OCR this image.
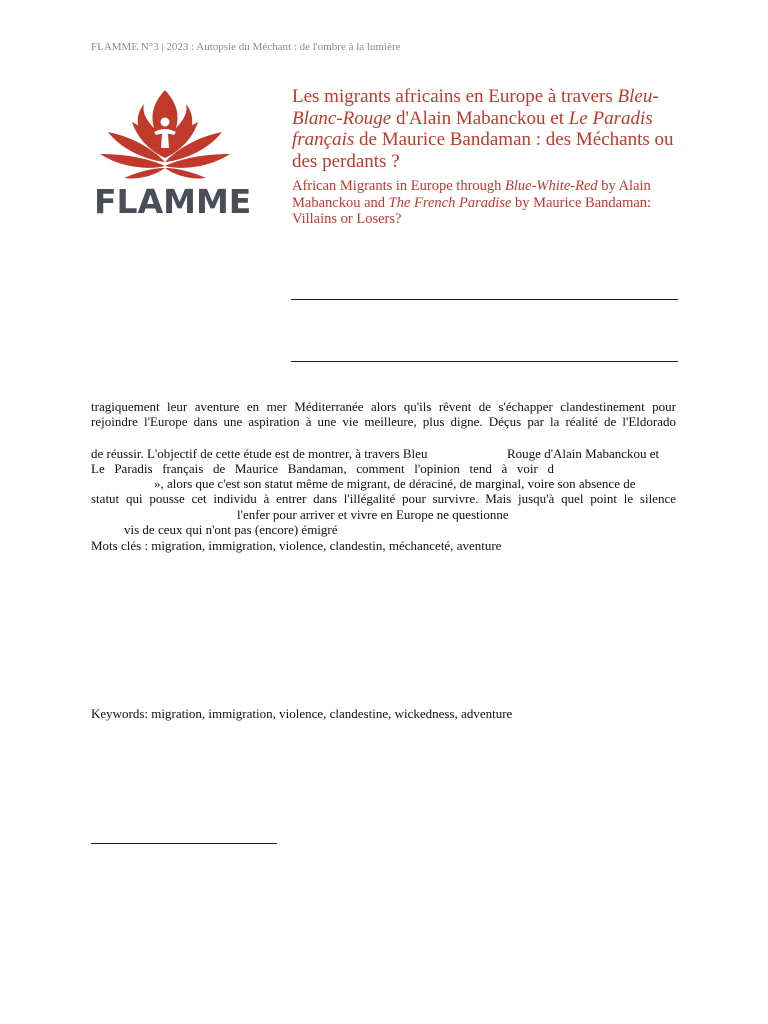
FLAMME N°3 | 2023 : Autopsie du Méchant : de l'ombre à la lumière
FLAMME
Les migrants africains en Europe à travers Bleu-Blanc-Rouge d'Alain Mabanckou et Le Paradis français de Maurice Bandaman : des Méchants ou des perdants ?
African Migrants in Europe through Blue-White-Red by Alain Mabanckou and The French Paradise by Maurice Bandaman: Villains or Losers?
tragiquement leur aventure en mer Méditerranée alors qu'ils rêvent de s'échapper clandestinement pour
rejoindre l'Europe dans une aspiration à une vie meilleure, plus digne. Déçus par la réalité de l'Eldorado
de réussir. L'objectif de cette étude est de montrer, à travers Bleu	Rouge d'Alain Mabanckou et
Le Paradis français de Maurice Bandaman, comment l'opinion tend à voir d
», alors que c'est son statut même de migrant, de déraciné, de marginal, voire son absence de
statut qui pousse cet individu à entrer dans l'illégalité pour survivre. Mais jusqu'à quel point le silence
l'enfer pour arriver et vivre en Europe ne questionne
vis de ceux qui n'ont pas (encore) émigré
Mots clés : migration, immigration, violence, clandestin, méchanceté, aventure
Keywords: migration, immigration, violence, clandestine, wickedness, adventure
